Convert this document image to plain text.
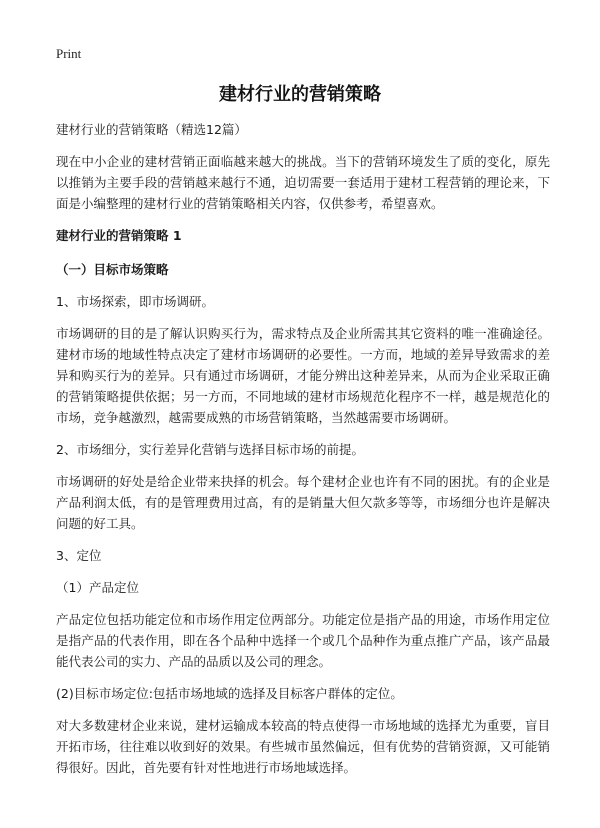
Print
建材行业的营销策略

建材行业的营销策略（精选12篇）

现在中小企业的建材营销正面临越来越大的挑战。当下的营销环境发生了质的变化，原先以推销为主要手段的营销越来越行不通，迫切需要一套适用于建材工程营销的理论来，下面是小编整理的建材行业的营销策略相关内容，仅供参考，希望喜欢。

建材行业的营销策略 1

（一）目标市场策略

1、市场探索，即市场调研。

市场调研的目的是了解认识购买行为，需求特点及企业所需其其它资料的唯一准确途径。建材市场的地域性特点决定了建材市场调研的必要性。一方而，地域的差异导致需求的差异和购买行为的差异。只有通过市场调研，才能分辨出这种差异来，从而为企业采取正确的营销策略提供依据；另一方而，不同地域的建材市场规范化程序不一样，越是规范化的市场，竞争越激烈，越需要成熟的市场营销策略，当然越需要市场调研。

2、市场细分，实行差异化营销与选择目标市场的前提。

市场调研的好处是给企业带来抉择的机会。每个建材企业也许有不同的困扰。有的企业是产品利润太低，有的是管理费用过高，有的是销量大但欠款多等等，市场细分也许是解决问题的好工具。

3、定位

（1）产品定位

产品定位包括功能定位和市场作用定位两部分。功能定位是指产品的用途，市场作用定位是指产品的代表作用，即在各个品种中选择一个或几个品种作为重点推广产品，该产品最能代表公司的实力、产品的品质以及公司的理念。

(2)目标市场定位:包括市场地域的选择及目标客户群体的定位。

对大多数建材企业来说，建材运输成本较高的特点使得一市场地域的选择尤为重要，盲目开拓市场，往往难以收到好的效果。有些城市虽然偏远，但有优势的营销资源，又可能销得很好。因此，首先要有针对性地进行市场地域选择。
